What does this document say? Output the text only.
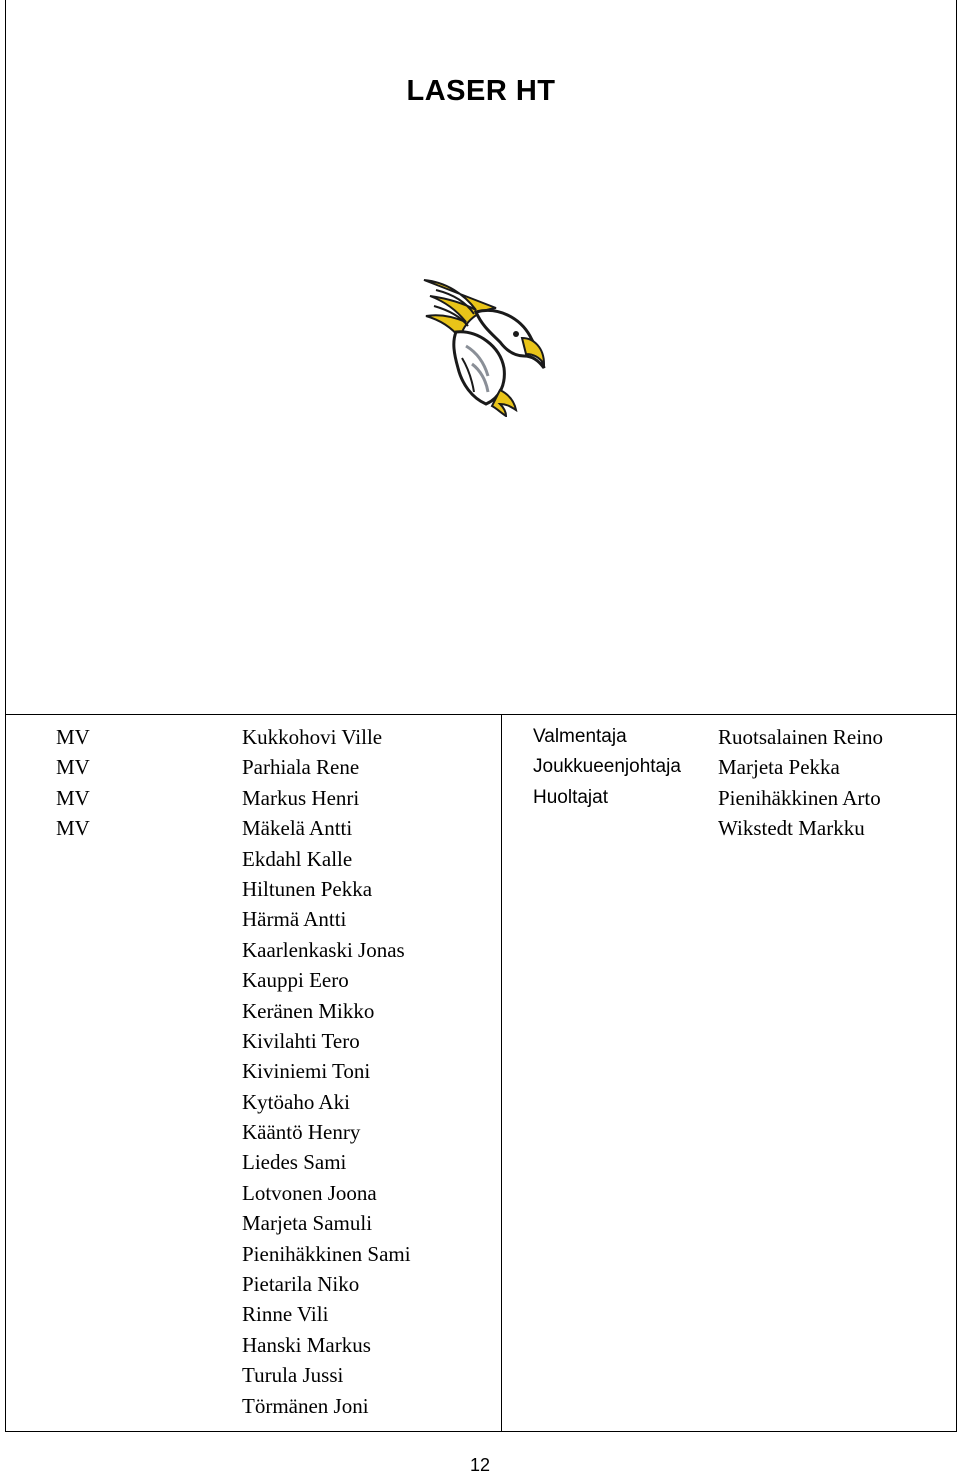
LASER HT
MV
MV
MV
MV
Kukkohovi Ville
Parhiala Rene
Markus Henri
Mäkelä Antti
Ekdahl Kalle
Hiltunen Pekka
Härmä Antti
Kaarlenkaski Jonas
Kauppi Eero
Keränen Mikko
Kivilahti Tero
Kiviniemi Toni
Kytöaho Aki
Kääntö Henry
Liedes Sami
Lotvonen Joona
Marjeta Samuli
Pienihäkkinen Sami
Pietarila Niko
Rinne Vili
Hanski Markus
Turula Jussi
Törmänen Joni
Valmentaja
Joukkueenjohtaja
Huoltajat
Ruotsalainen Reino
Marjeta Pekka
Pienihäkkinen Arto
Wikstedt Markku
12
